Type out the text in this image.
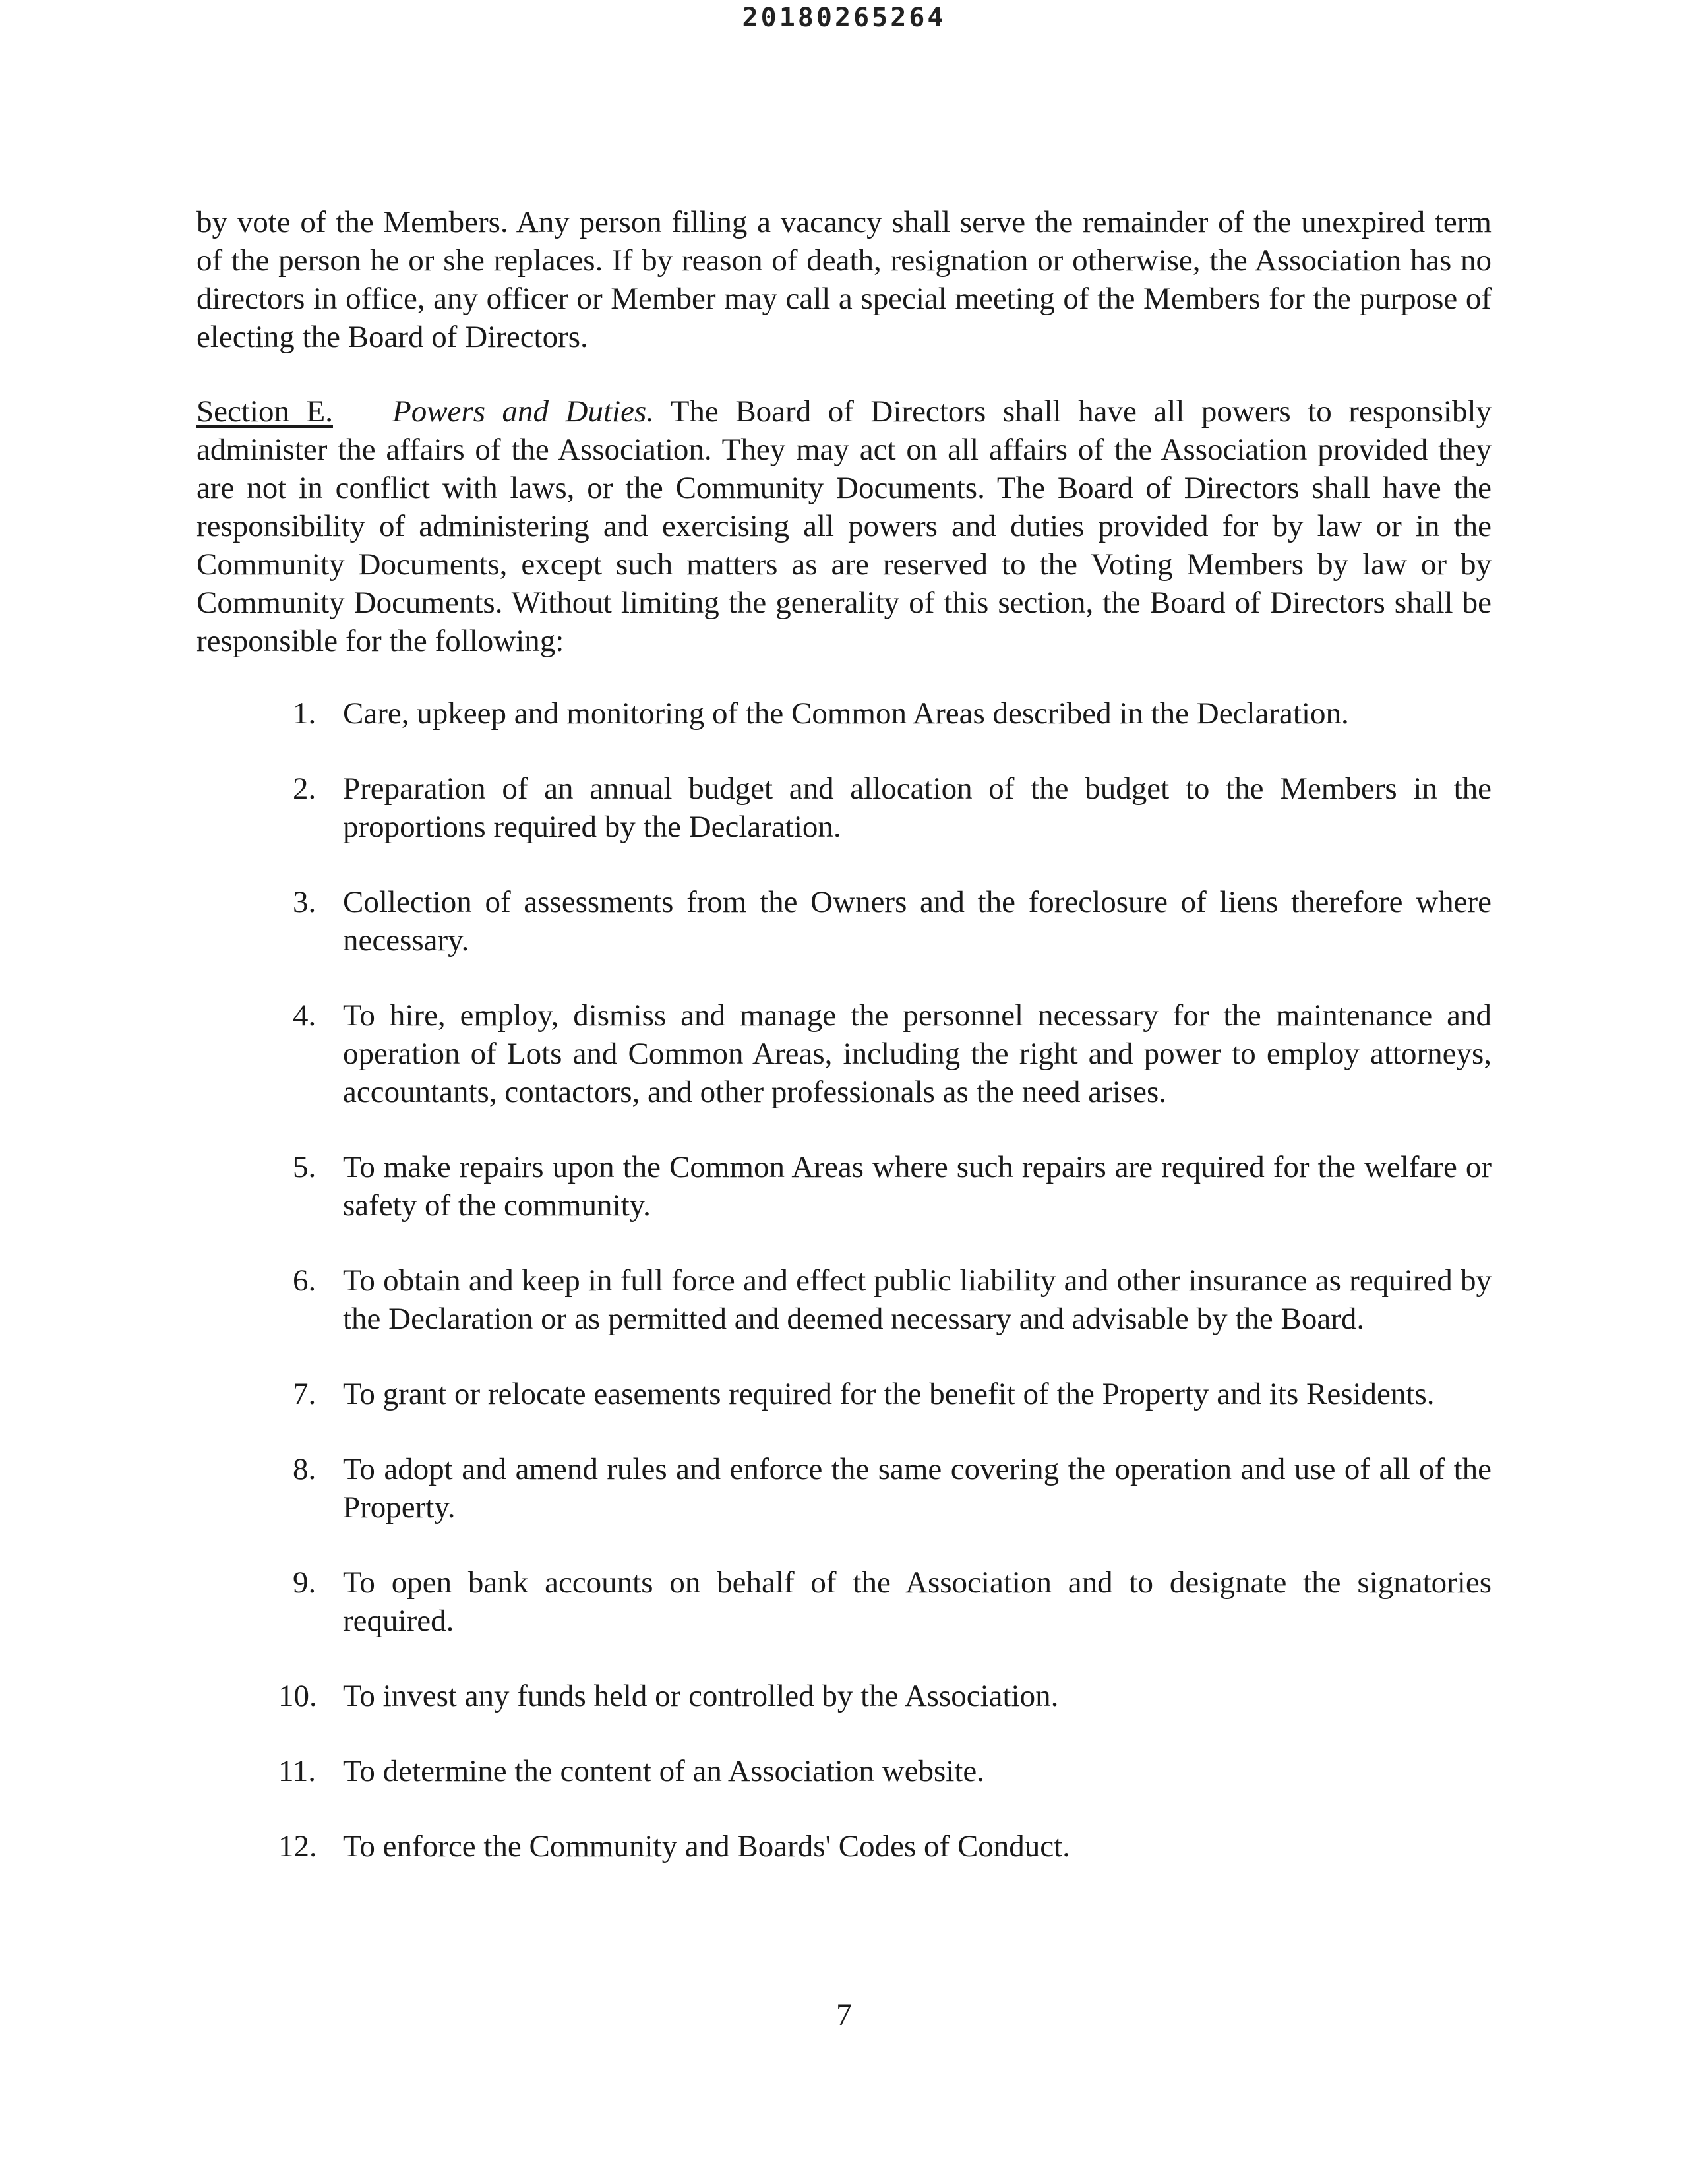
20180265264

by vote of the Members. Any person filling a vacancy shall serve the remainder of the unexpired term of the person he or she replaces. If by reason of death, resignation or otherwise, the Association has no directors in office, any officer or Member may call a special meeting of the Members for the purpose of electing the Board of Directors.

Section E. Powers and Duties. The Board of Directors shall have all powers to responsibly administer the affairs of the Association. They may act on all affairs of the Association provided they are not in conflict with laws, or the Community Documents. The Board of Directors shall have the responsibility of administering and exercising all powers and duties provided for by law or in the Community Documents, except such matters as are reserved to the Voting Members by law or by Community Documents. Without limiting the generality of this section, the Board of Directors shall be responsible for the following:

1. Care, upkeep and monitoring of the Common Areas described in the Declaration.
2. Preparation of an annual budget and allocation of the budget to the Members in the proportions required by the Declaration.
3. Collection of assessments from the Owners and the foreclosure of liens therefore where necessary.
4. To hire, employ, dismiss and manage the personnel necessary for the maintenance and operation of Lots and Common Areas, including the right and power to employ attorneys, accountants, contactors, and other professionals as the need arises.
5. To make repairs upon the Common Areas where such repairs are required for the welfare or safety of the community.
6. To obtain and keep in full force and effect public liability and other insurance as required by the Declaration or as permitted and deemed necessary and advisable by the Board.
7. To grant or relocate easements required for the benefit of the Property and its Residents.
8. To adopt and amend rules and enforce the same covering the operation and use of all of the Property.
9. To open bank accounts on behalf of the Association and to designate the signatories required.
10. To invest any funds held or controlled by the Association.
11. To determine the content of an Association website.
12. To enforce the Community and Boards' Codes of Conduct.
7
